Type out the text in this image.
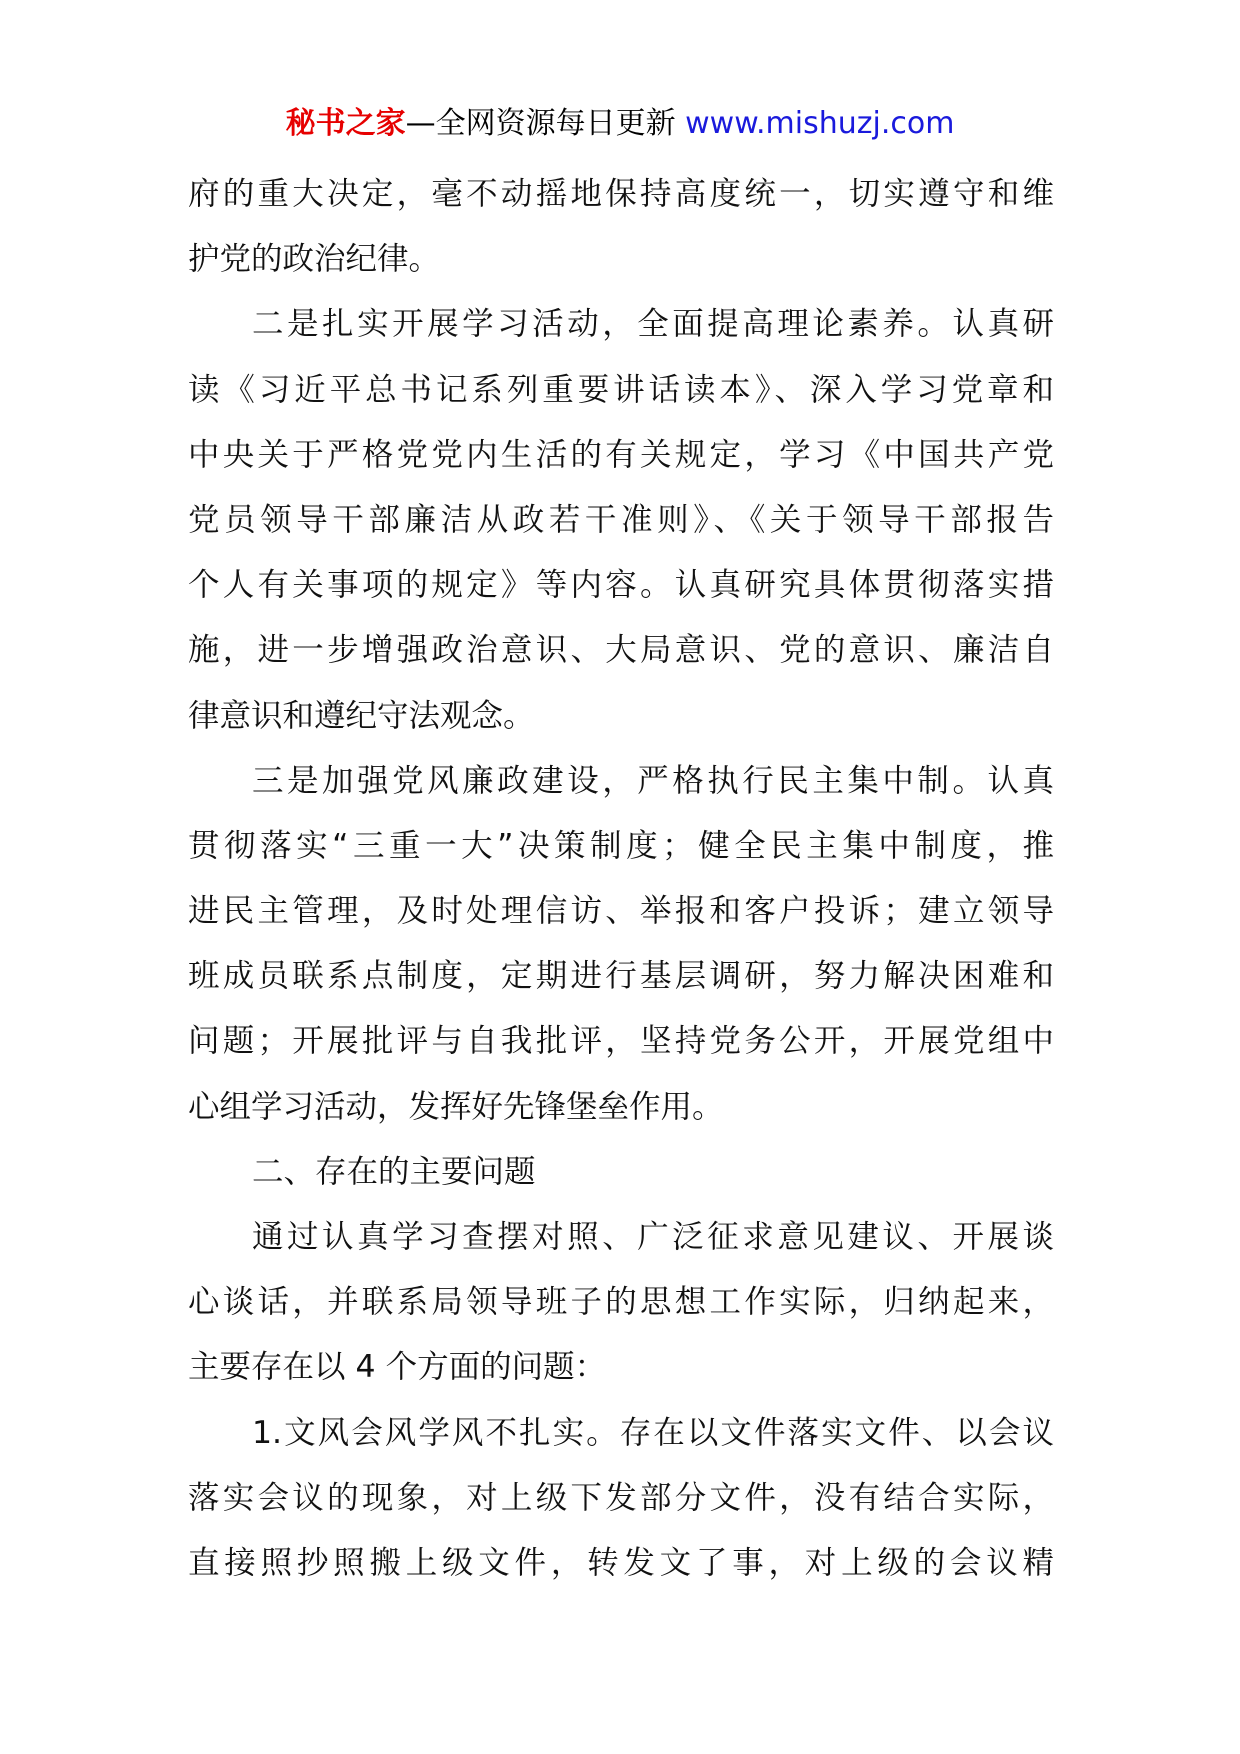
秘书之家—全网资源每日更新 www.mishuzj.com
府的重大决定，毫不动摇地保持高度统一，切实遵守和维
护党的政治纪律。
二是扎实开展学习活动，全面提高理论素养。认真研
读《习近平总书记系列重要讲话读本》、深入学习党章和
中央关于严格党党内生活的有关规定，学习《中国共产党
党员领导干部廉洁从政若干准则》、《关于领导干部报告
个人有关事项的规定》等内容。认真研究具体贯彻落实措
施，进一步增强政治意识、大局意识、党的意识、廉洁自
律意识和遵纪守法观念。
三是加强党风廉政建设，严格执行民主集中制。认真
贯彻落实“三重一大”决策制度；健全民主集中制度，推
进民主管理，及时处理信访、举报和客户投诉；建立领导
班成员联系点制度，定期进行基层调研，努力解决困难和
问题；开展批评与自我批评，坚持党务公开，开展党组中
心组学习活动，发挥好先锋堡垒作用。
二、存在的主要问题
通过认真学习查摆对照、广泛征求意见建议、开展谈
心谈话，并联系局领导班子的思想工作实际，归纳起来，
主要存在以 4 个方面的问题：
1.文风会风学风不扎实。存在以文件落实文件、以会议
落实会议的现象，对上级下发部分文件，没有结合实际，
直接照抄照搬上级文件，转发文了事，对上级的会议精
